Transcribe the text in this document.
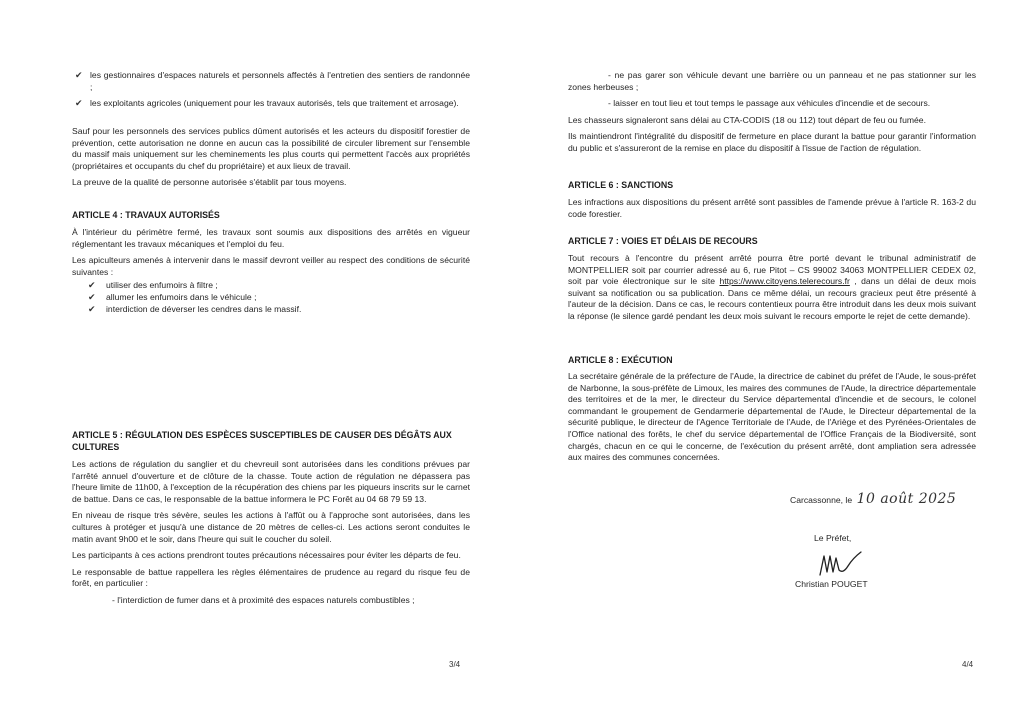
✔ les gestionnaires d'espaces naturels et personnels affectés à l'entretien des sentiers de randonnée ;
✔ les exploitants agricoles (uniquement pour les travaux autorisés, tels que traitement et arrosage).

Sauf pour les personnels des services publics dûment autorisés et les acteurs du dispositif forestier de prévention, cette autorisation ne donne en aucun cas la possibilité de circuler librement sur l'ensemble du massif mais uniquement sur les cheminements les plus courts qui permettent l'accès aux propriétés (propriétaires et occupants du chef du propriétaire) et aux lieux de travail.

La preuve de la qualité de personne autorisée s'établit par tous moyens.

ARTICLE 4 : TRAVAUX AUTORISÉS

À l'intérieur du périmètre fermé, les travaux sont soumis aux dispositions des arrêtés en vigueur réglementant les travaux mécaniques et l'emploi du feu.

Les apiculteurs amenés à intervenir dans le massif devront veiller au respect des conditions de sécurité suivantes :

✔ utiliser des enfumoirs à filtre ;
✔ allumer les enfumoirs dans le véhicule ;
✔ interdiction de déverser les cendres dans le massif.
ARTICLE 5 : RÉGULATION DES ESPÈCES SUSCEPTIBLES DE CAUSER DES DÉGÂTS AUX CULTURES

Les actions de régulation du sanglier et du chevreuil sont autorisées dans les conditions prévues par l'arrêté annuel d'ouverture et de clôture de la chasse. Toute action de régulation ne dépassera pas l'heure limite de 11h00, à l'exception de la récupération des chiens par les piqueurs inscrits sur le carnet de battue. Dans ce cas, le responsable de la battue informera le PC Forêt au 04 68 79 59 13.

En niveau de risque très sévère, seules les actions à l'affût ou à l'approche sont autorisées, dans les cultures à protéger et jusqu'à une distance de 20 mètres de celles-ci. Les actions seront conduites le matin avant 9h00 et le soir, dans l'heure qui suit le coucher du soleil.

Les participants à ces actions prendront toutes précautions nécessaires pour éviter les départs de feu.

Le responsable de battue rappellera les règles élémentaires de prudence au regard du risque feu de forêt, en particulier :

- l'interdiction de fumer dans et à proximité des espaces naturels combustibles ;

3/4

- ne pas garer son véhicule devant une barrière ou un panneau et ne pas stationner sur les zones herbeuses ;

- laisser en tout lieu et tout temps le passage aux véhicules d'incendie et de secours.

Les chasseurs signaleront sans délai au CTA-CODIS (18 ou 112) tout départ de feu ou fumée.

Ils maintiendront l'intégralité du dispositif de fermeture en place durant la battue pour garantir l'information du public et s'assureront de la remise en place du dispositif à l'issue de l'action de régulation.

ARTICLE 6 : SANCTIONS

Les infractions aux dispositions du présent arrêté sont passibles de l'amende prévue à l'article R. 163-2 du code forestier.

ARTICLE 7 : VOIES ET DÉLAIS DE RECOURS

Tout recours à l'encontre du présent arrêté pourra être porté devant le tribunal administratif de MONTPELLIER soit par courrier adressé au 6, rue Pitot – CS 99002 34063 MONTPELLIER CEDEX 02, soit par voie électronique sur le site https://www.citoyens.telerecours.fr , dans un délai de deux mois suivant sa notification ou sa publication. Dans ce même délai, un recours gracieux peut être présenté à l'auteur de la décision. Dans ce cas, le recours contentieux pourra être introduit dans les deux mois suivant la réponse (le silence gardé pendant les deux mois suivant le recours emporte le rejet de cette demande).

ARTICLE 8 : EXÉCUTION

La secrétaire générale de la préfecture de l'Aude, la directrice de cabinet du préfet de l'Aude, le sous-préfet de Narbonne, la sous-préfète de Limoux, les maires des communes de l'Aude, la directrice départementale des territoires et de la mer, le directeur du Service départemental d'incendie et de secours, le colonel commandant le groupement de Gendarmerie départemental de l'Aude, le Directeur départemental de la sécurité publique, le directeur de l'Agence Territoriale de l'Aude, de l'Ariège et des Pyrénées-Orientales de l'Office national des forêts, le chef du service départemental de l'Office Français de la Biodiversité, sont chargés, chacun en ce qui le concerne, de l'exécution du présent arrêté, dont ampliation sera adressée aux maires des communes concernées.

Carcassonne, le 10 août 2025
Le Préfet,
Christian POUGET
4/4
